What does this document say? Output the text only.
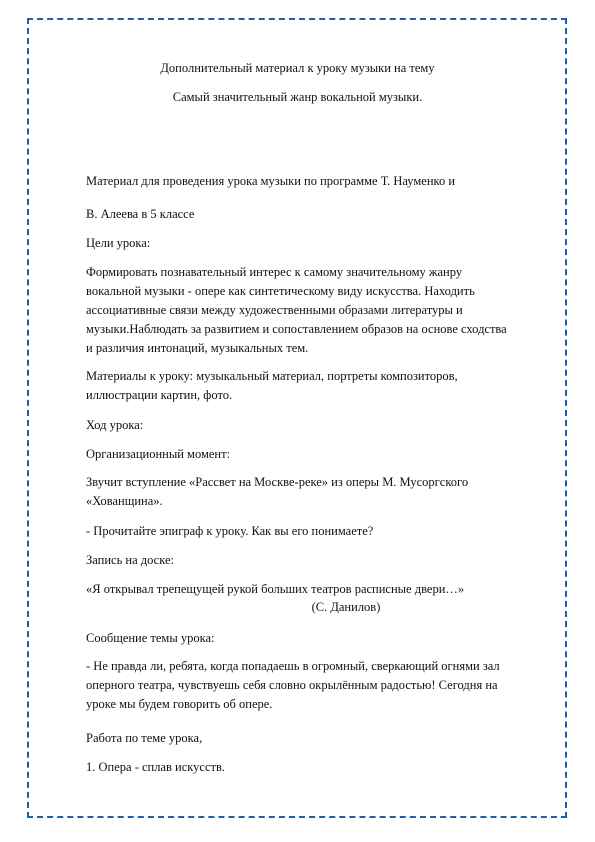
Дополнительный материал к уроку музыки на тему
Самый значительный жанр вокальной музыки.
Материал для проведения урока музыки по программе Т. Науменко и
В. Алеева в 5 классе
Цели урока:
Формировать познавательный интерес к самому значительному жанру
вокальной музыки - опере как синтетическому виду искусства. Находить
ассоциативные связи между художественными образами литературы и
музыки.Наблюдать за развитием и сопоставлением образов на основе сходства
и различия интонаций, музыкальных тем.
Материалы к уроку: музыкальный материал, портреты композиторов,
иллюстрации картин, фото.
Ход урока:
Организационный момент:
Звучит вступление «Рассвет на Москве-реке» из оперы М. Мусоргского
«Хованщина».
- Прочитайте эпиграф к уроку. Как вы его понимаете?
Запись на доске:
«Я открывал трепещущей рукой больших театров расписные двери…»
(С. Данилов)
Сообщение темы урока:
- Не правда ли, ребята, когда попадаешь в огромный, сверкающий огнями зал
оперного театра, чувствуешь себя словно окрылённым радостью! Сегодня на
уроке мы будем говорить об опере.
Работа по теме урока,
1. Опера - сплав искусств.
